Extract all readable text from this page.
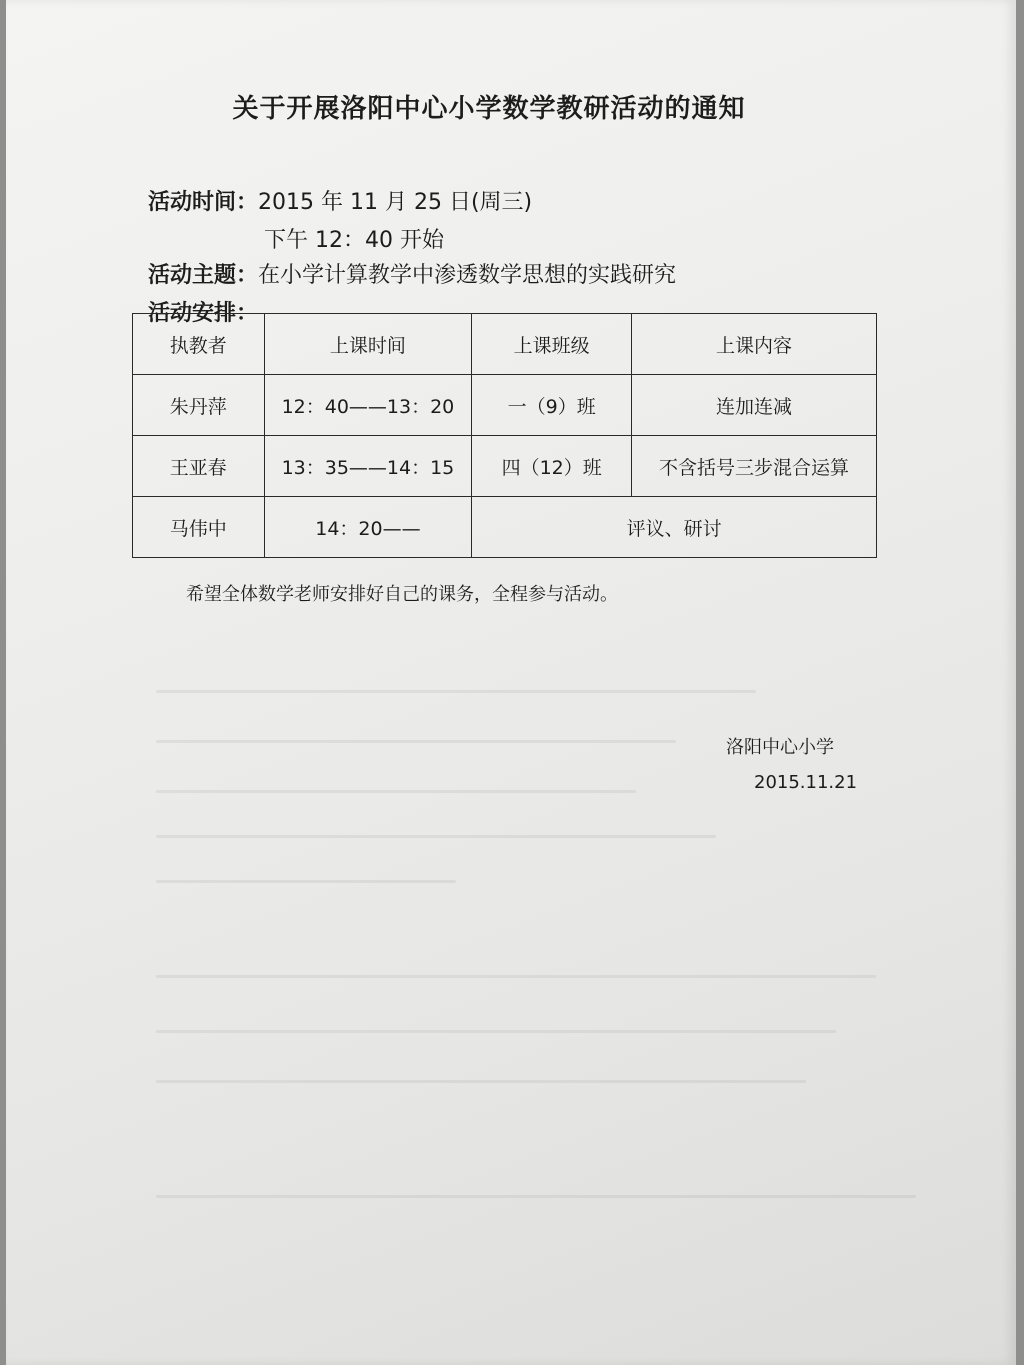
关于开展洛阳中心小学数学教研活动的通知
活动时间：2015 年 11 月 25 日(周三)
下午 12：40 开始
活动主题：在小学计算教学中渗透数学思想的实践研究
活动安排：
执教者	上课时间	上课班级	上课内容
朱丹萍	12：40——13：20	一（9）班	连加连减
王亚春	13：35——14：15	四（12）班	不含括号三步混合运算
马伟中	14：20——	评议、研讨	
希望全体数学老师安排好自己的课务，全程参与活动。
洛阳中心小学
2015.11.21
